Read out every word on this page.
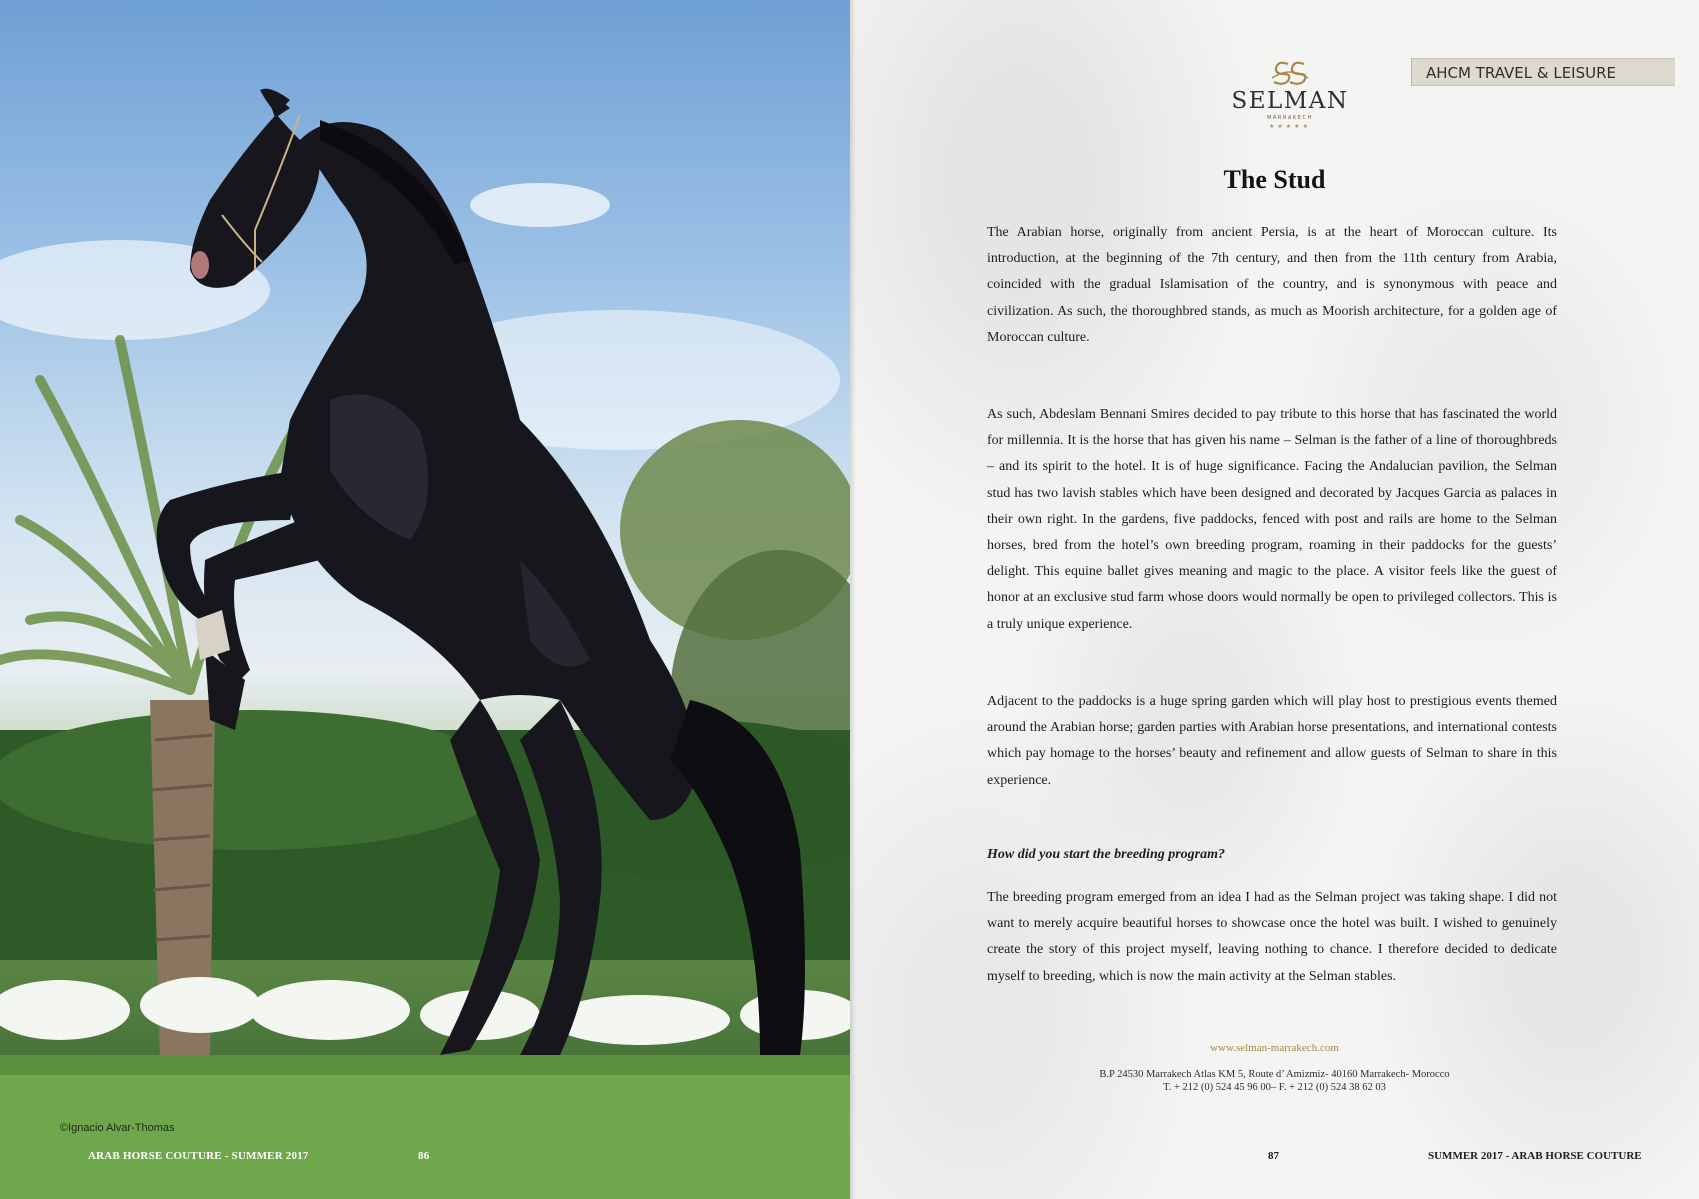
©Ignacio Alvar-Thomas
ARAB HORSE COUTURE - SUMMER 2017	86
AHCM TRAVEL & LEISURE
SELMAN
MARRAKECH
★★★★★
The Stud
The Arabian horse, originally from ancient Persia, is at the heart of Moroccan culture. Its introduction, at the beginning of the 7th century, and then from the 11th century from Arabia, coincided with the gradual Islamisation of the country, and is synonymous with peace and civilization. As such, the thoroughbred stands, as much as Moorish architecture, for a golden age of Moroccan culture.
As such, Abdeslam Bennani Smires decided to pay tribute to this horse that has fascinated the world for millennia. It is the horse that has given his name – Selman is the father of a line of thoroughbreds – and its spirit to the hotel. It is of huge significance. Facing the Andalucian pavilion, the Selman stud has two lavish stables which have been designed and decorated by Jacques Garcia as palaces in their own right. In the gardens, five paddocks, fenced with post and rails are home to the Selman horses, bred from the hotel’s own breeding program, roaming in their paddocks for the guests’ delight. This equine ballet gives meaning and magic to the place. A visitor feels like the guest of honor at an exclusive stud farm whose doors would normally be open to privileged collectors. This is a truly unique experience.
Adjacent to the paddocks is a huge spring garden which will play host to prestigious events themed around the Arabian horse; garden parties with Arabian horse presentations, and international contests which pay homage to the horses’ beauty and refinement and allow guests of Selman to share in this experience.
How did you start the breeding program?
The breeding program emerged from an idea I had as the Selman project was taking shape. I did not want to merely acquire beautiful horses to showcase once the hotel was built. I wished to genuinely create the story of this project myself, leaving nothing to chance. I therefore decided to dedicate myself to breeding, which is now the main activity at the Selman stables.
www.selman-marrakech.com
B.P 24530 Marrakech Atlas KM 5, Route d’ Amizmiz- 40160 Marrakech- Morocco
T. + 212 (0) 524 45 96 00– F. + 212 (0) 524 38 62 03
87	SUMMER 2017 - ARAB HORSE COUTURE
